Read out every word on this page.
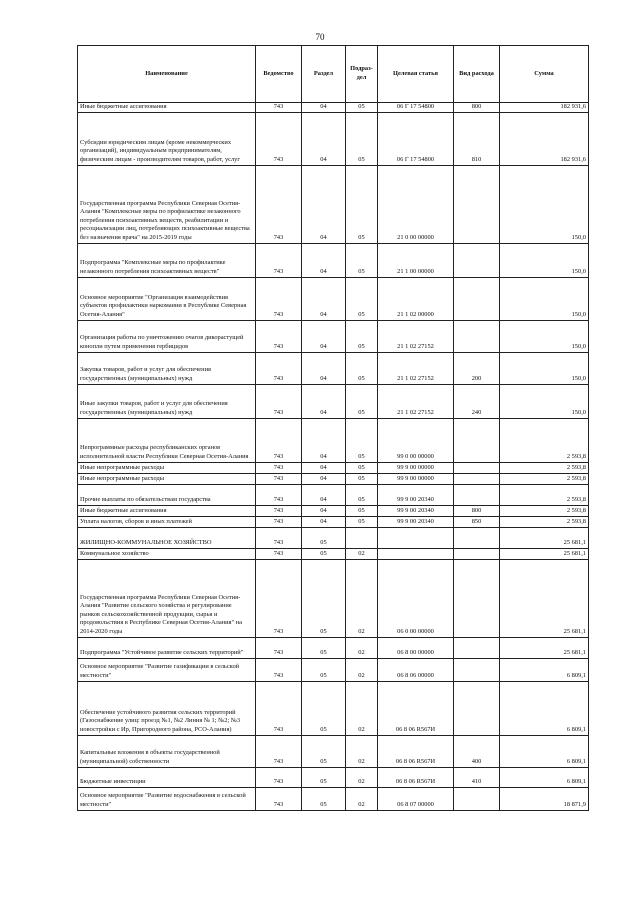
70
Наименование	Ведомство	Раздел	Подраз-дел	Целевая статья	Вид расхода	Сумма
Иные бюджетные ассигнования	743	04	05	06 Г 17 54800	800	182 931,6
Субсидии юридическим лицам (кроме некоммерческих организаций), индивидуальным предпринимателям, физическим лицам - производителям товаров, работ, услуг	743	04	05	06 Г 17 54800	810	182 931,6
Государственная программа Республики Северная Осетия-Алания "Комплексные меры по профилактике незаконного потребления психоактивных веществ, реабилитации и ресоциализации лиц, потребляющих психоактивные вещества без назначения врача" на 2015-2019 годы	743	04	05	21 0 00 00000		150,0
Подпрограмма "Комплексные меры по профилактике незаконного потребления психоактивных веществ"	743	04	05	21 1 00 00000		150,0
Основное мероприятие "Организация взаимодействия субъектов профилактики наркомании в Республике Северная Осетия-Алания"	743	04	05	21 1 02 00000		150,0
Организация работы по уничтожению очагов дикорастущей конопли путем применения гербицидов	743	04	05	21 1 02 27152		150,0
Закупка товаров, работ и услуг для обеспечения государственных (муниципальных) нужд	743	04	05	21 1 02 27152	200	150,0
Иные закупки товаров, работ и услуг для обеспечения государственных (муниципальных) нужд	743	04	05	21 1 02 27152	240	150,0
Непрограммные расходы республиканских органов исполнительной власти Республики Северная Осетия-Алания	743	04	05	99 0 00 00000		2 593,8
Иные непрограммные расходы	743	04	05	99 9 00 00000		2 593,8
Иные непрограммные расходы	743	04	05	99 9 00 00000		2 593,8
Прочие выплаты по обязательствам государства	743	04	05	99 9 00 20340		2 593,8
Иные бюджетные ассигнования	743	04	05	99 9 00 20340	800	2 593,8
Уплата налогов, сборов и иных платежей	743	04	05	99 9 00 20340	850	2 593,8
ЖИЛИЩНО-КОММУНАЛЬНОЕ ХОЗЯЙСТВО	743	05				25 681,1
Коммунальное хозяйство	743	05	02			25 681,1
Государственная программа Республики Северная Осетия-Алания "Развитие сельского хозяйства и регулирование рынков сельскохозяйственной продукции, сырья и продовольствия в Республике Северная Осетия-Алания" на 2014-2020 годы	743	05	02	06 0 00 00000		25 681,1
Подпрограмма "Устойчивое развитие сельских территорий"	743	05	02	06 8 00 00000		25 681,1
Основное мероприятие "Развитие газификации в сельской местности"	743	05	02	06 8 06 00000		6 809,1
Обеспечение устойчивого развития сельских территорий (Газоснабжение улиц: проезд №1, №2 Линия № 1; №2; №3 новостройки с Ир, Пригородного района, РСО-Алания)	743	05	02	06 8 06 R567И		6 809,1
Капитальные вложения в объекты государственной (муниципальной) собственности	743	05	02	06 8 06 R567И	400	6 809,1
Бюджетные инвестиции	743	05	02	06 8 06 R567И	410	6 809,1
Основное мероприятие "Развитие водоснабжения в сельской местности"	743	05	02	06 8 07 00000		18 871,9
